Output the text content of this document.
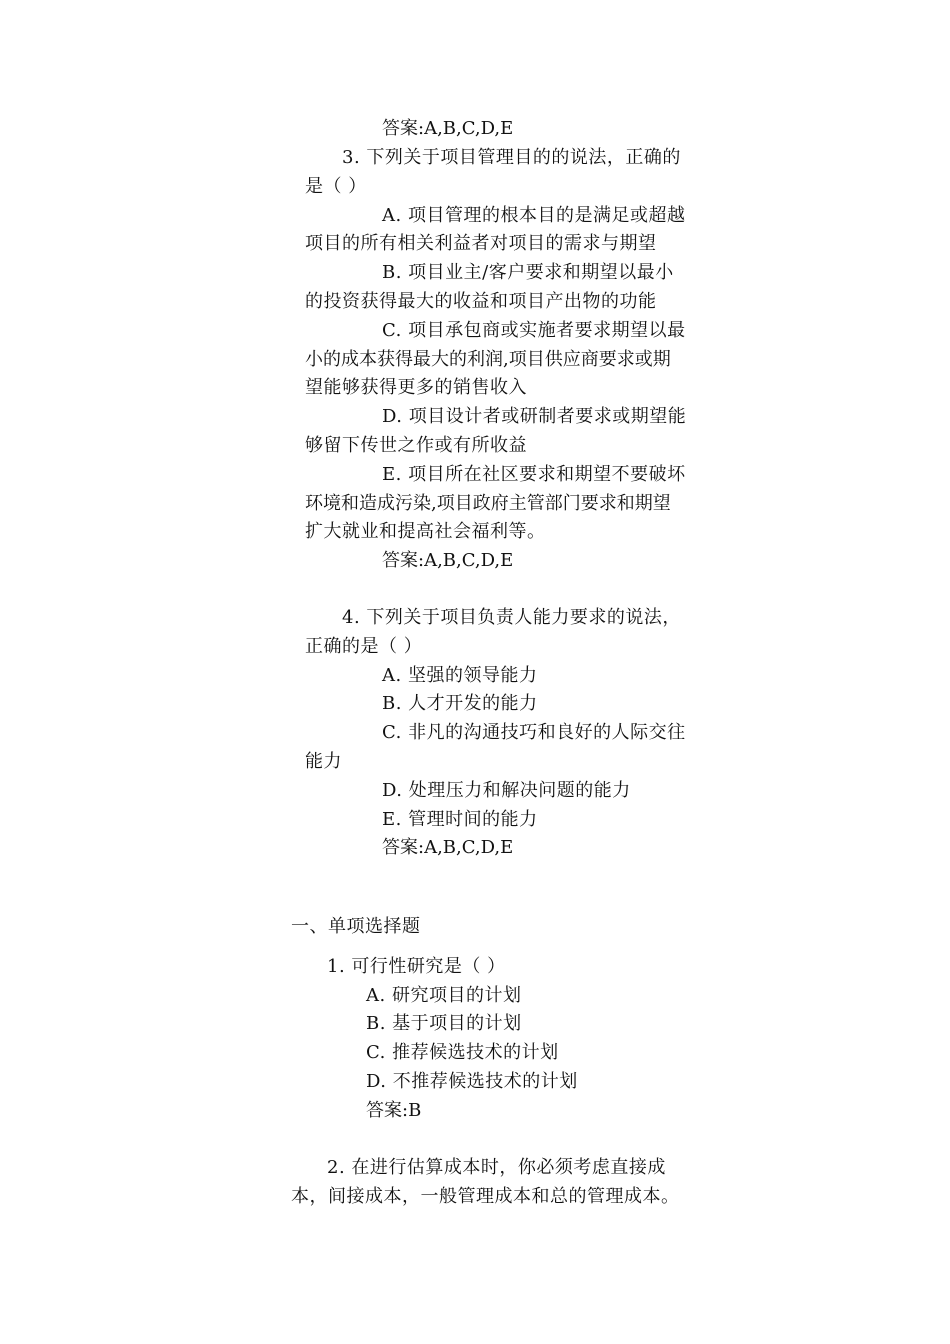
答案:A,B,C,D,E
3. 下列关于项目管理目的的说法，正确的
是（ ）
A. 项目管理的根本目的是满足或超越
项目的所有相关利益者对项目的需求与期望
B. 项目业主/客户要求和期望以最小
的投资获得最大的收益和项目产出物的功能
C. 项目承包商或实施者要求期望以最
小的成本获得最大的利润,项目供应商要求或期
望能够获得更多的销售收入
D. 项目设计者或研制者要求或期望能
够留下传世之作或有所收益
E. 项目所在社区要求和期望不要破坏
环境和造成污染,项目政府主管部门要求和期望
扩大就业和提高社会福利等。
答案:A,B,C,D,E
4. 下列关于项目负责人能力要求的说法，
正确的是（ ）
A. 坚强的领导能力
B. 人才开发的能力
C. 非凡的沟通技巧和良好的人际交往
能力
D. 处理压力和解决问题的能力
E. 管理时间的能力
答案:A,B,C,D,E
一、单项选择题
1. 可行性研究是（ ）
A. 研究项目的计划
B. 基于项目的计划
C. 推荐候选技术的计划
D. 不推荐候选技术的计划
答案:B
2. 在进行估算成本时，你必须考虑直接成
本，间接成本，一般管理成本和总的管理成本。
